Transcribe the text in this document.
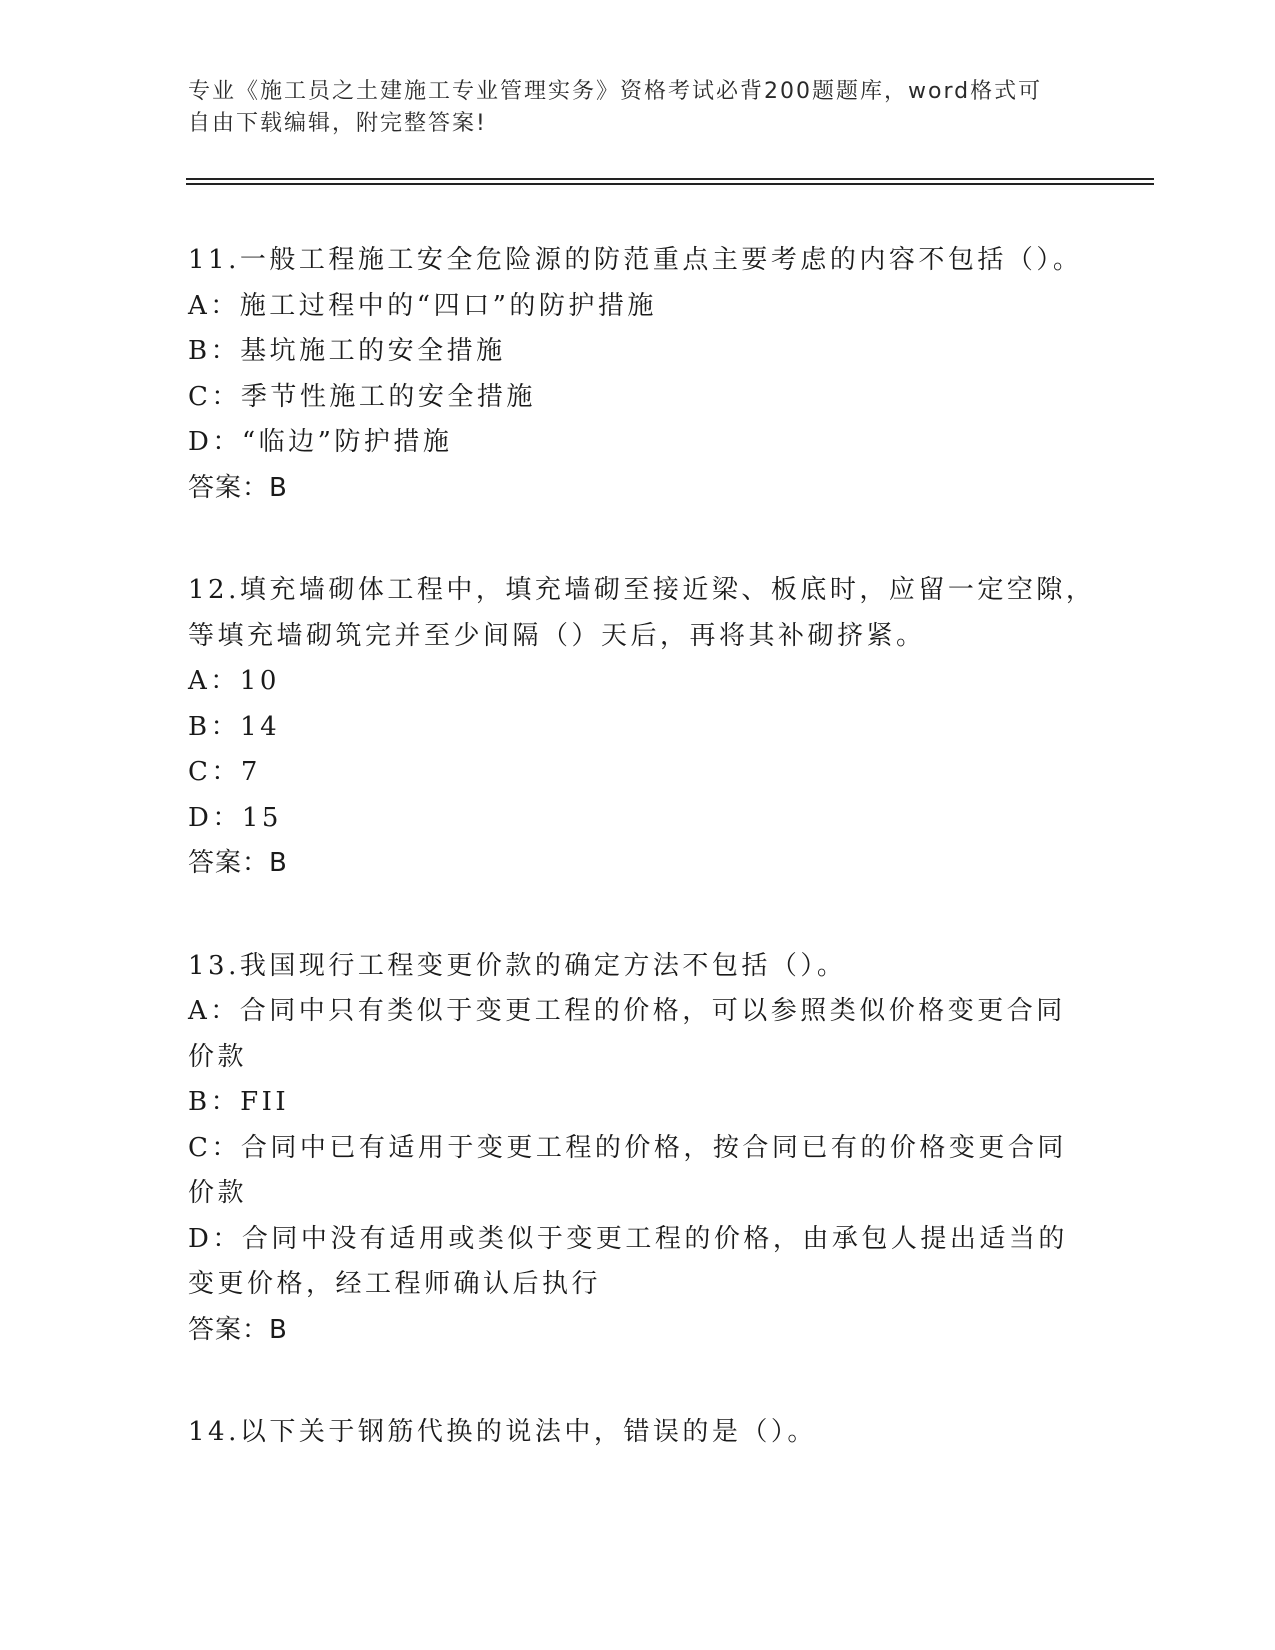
专业《施工员之土建施工专业管理实务》资格考试必背200题题库，word格式可
自由下载编辑，附完整答案!
11.一般工程施工安全危险源的防范重点主要考虑的内容不包括（）。
A：施工过程中的“四口”的防护措施
B：基坑施工的安全措施
C：季节性施工的安全措施
D：“临边”防护措施
答案：B
12.填充墙砌体工程中，填充墙砌至接近梁、板底时，应留一定空隙，
等填充墙砌筑完并至少间隔（）天后，再将其补砌挤紧。
A：10
B：14
C：7
D：15
答案：B
13.我国现行工程变更价款的确定方法不包括（）。
A：合同中只有类似于变更工程的价格，可以参照类似价格变更合同价款
B：FII
C：合同中已有适用于变更工程的价格，按合同已有的价格变更合同价款
D：合同中没有适用或类似于变更工程的价格，由承包人提出适当的变更价格，经工程师确认后执行
答案：B
14.以下关于钢筋代换的说法中，错误的是（）。
